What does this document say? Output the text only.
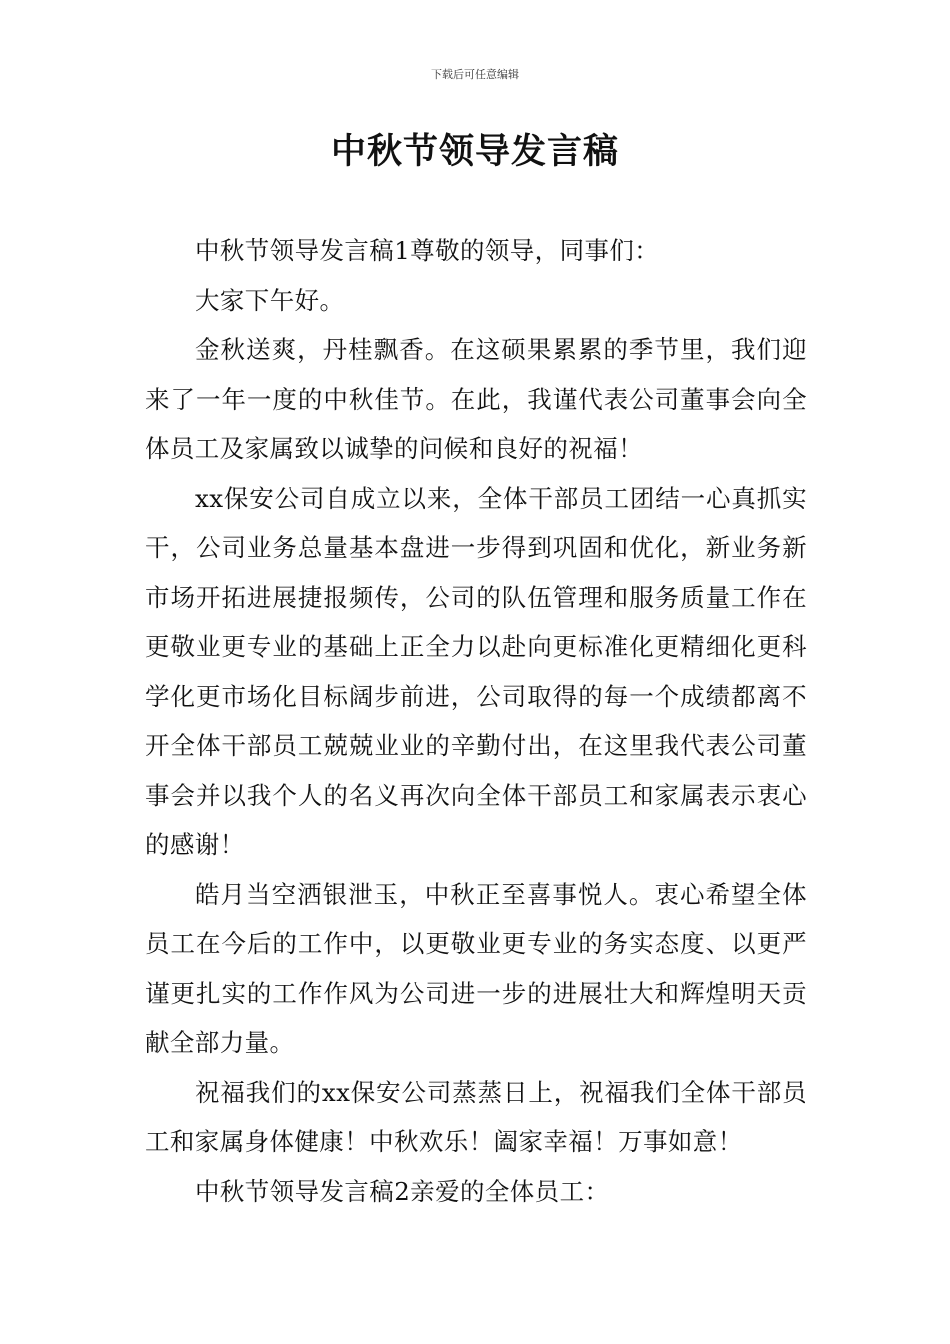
下载后可任意编辑
中秋节领导发言稿

中秋节领导发言稿1尊敬的领导，同事们：

大家下午好。

金秋送爽，丹桂飘香。在这硕果累累的季节里，我们迎来了一年一度的中秋佳节。在此，我谨代表公司董事会向全体员工及家属致以诚挚的问候和良好的祝福！

xx保安公司自成立以来，全体干部员工团结一心真抓实干，公司业务总量基本盘进一步得到巩固和优化，新业务新市场开拓进展捷报频传，公司的队伍管理和服务质量工作在更敬业更专业的基础上正全力以赴向更标准化更精细化更科学化更市场化目标阔步前进，公司取得的每一个成绩都离不开全体干部员工兢兢业业的辛勤付出，在这里我代表公司董事会并以我个人的名义再次向全体干部员工和家属表示衷心的感谢！

皓月当空洒银泄玉，中秋正至喜事悦人。衷心希望全体员工在今后的工作中，以更敬业更专业的务实态度、以更严谨更扎实的工作作风为公司进一步的进展壮大和辉煌明天贡献全部力量。

祝福我们的xx保安公司蒸蒸日上，祝福我们全体干部员工和家属身体健康！中秋欢乐！阖家幸福！万事如意！

中秋节领导发言稿2亲爱的全体员工：
